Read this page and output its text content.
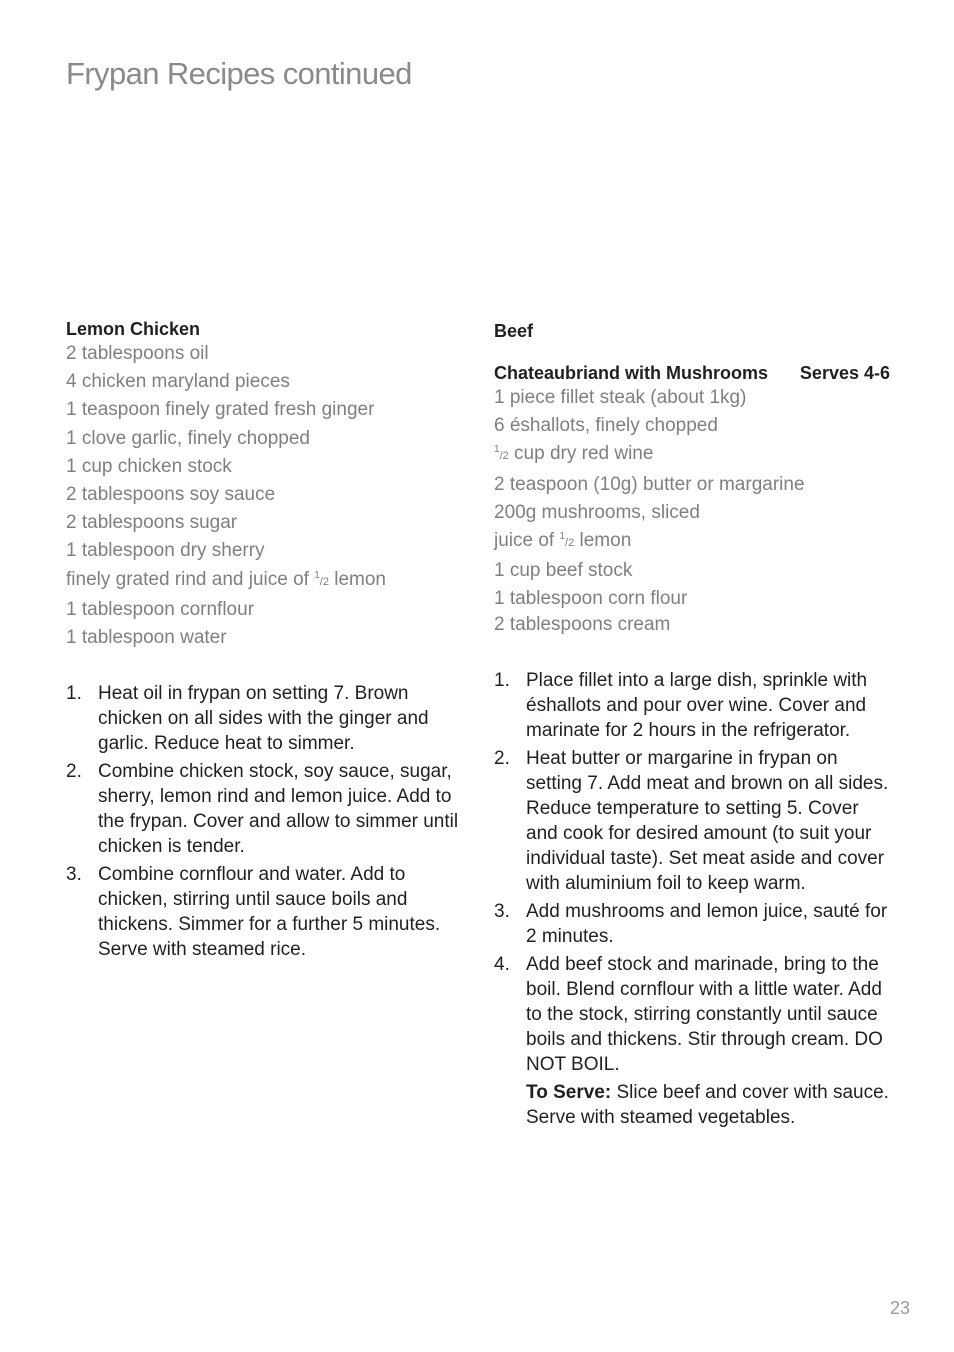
Frypan Recipes continued

Lemon Chicken

2 tablespoons oil
4 chicken maryland pieces
1 teaspoon finely grated fresh ginger
1 clove garlic, finely chopped
1 cup chicken stock
2 tablespoons soy sauce
2 tablespoons sugar
1 tablespoon dry sherry
finely grated rind and juice of $^1$/2 lemon
1 tablespoon cornflour
1 tablespoon water
1. Heat oil in frypan on setting 7. Brown chicken on all sides with the ginger and garlic. Reduce heat to simmer.
2. Combine chicken stock, soy sauce, sugar, sherry, lemon rind and lemon juice. Add to the frypan. Cover and allow to simmer until chicken is tender.
3. Combine cornflour and water. Add to chicken, stirring until sauce boils and thickens. Simmer for a further 5 minutes. Serve with steamed rice.

Beef

Chateaubriand with Mushrooms Serves 4-6
1 piece fillet steak (about 1kg)
6 éshallots, finely chopped
$^1$/2 cup dry red wine
2 teaspoon (10g) butter or margarine
200g mushrooms, sliced
juice of $^1$/2 lemon
1 cup beef stock
1 tablespoon corn flour
2 tablespoons cream
1. Place fillet into a large dish, sprinkle with éshallots and pour over wine. Cover and marinate for 2 hours in the refrigerator.
2. Heat butter or margarine in frypan on setting 7. Add meat and brown on all sides. Reduce temperature to setting 5. Cover and cook for desired amount (to suit your individual taste). Set meat aside and cover with aluminium foil to keep warm.
3. Add mushrooms and lemon juice, sauté for 2 minutes.
4. Add beef stock and marinade, bring to the boil. Blend cornflour with a little water. Add to the stock, stirring constantly until sauce boils and thickens. Stir through cream. DO NOT BOIL.

To Serve: Slice beef and cover with sauce. Serve with steamed vegetables.

23
